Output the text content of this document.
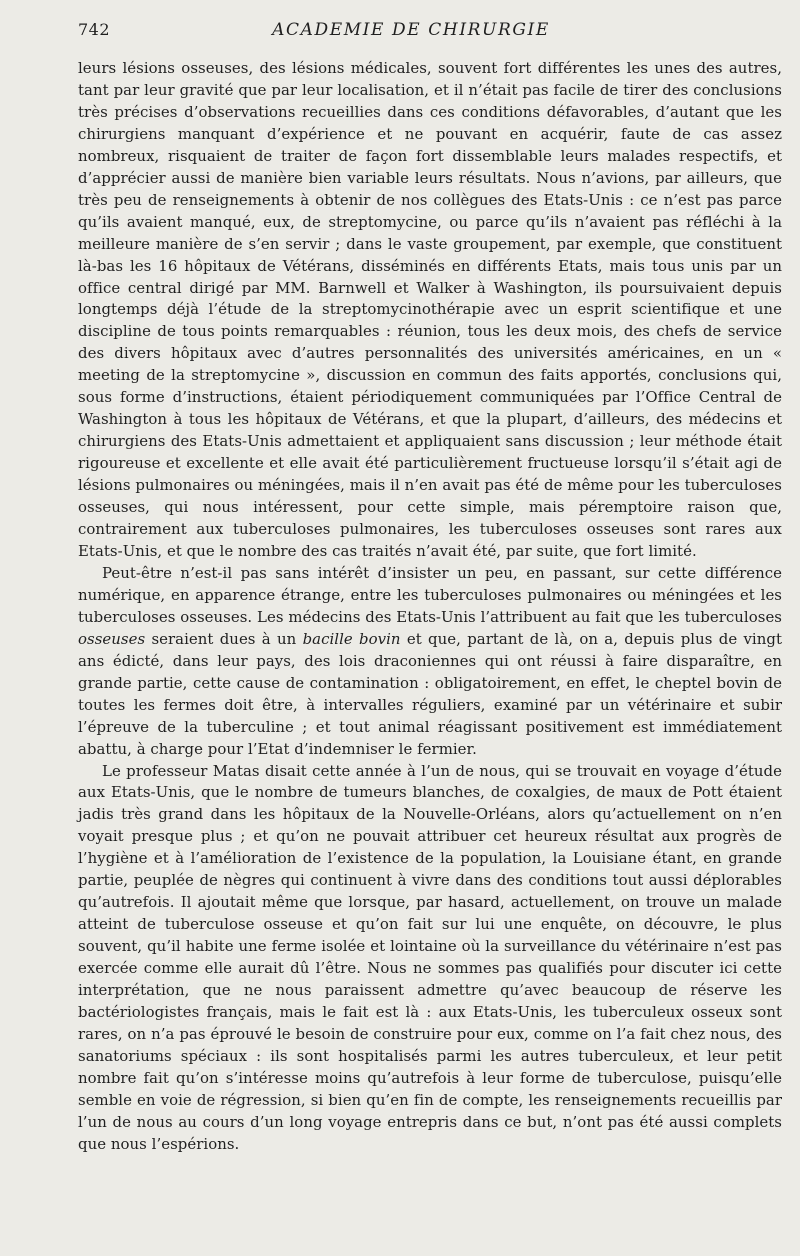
742	ACADEMIE DE CHIRURGIE

leurs lésions osseuses, des lésions médicales, souvent fort différentes les unes des autres, tant par leur gravité que par leur localisation, et il n’était pas facile de tirer des conclusions très précises d’observations recueillies dans ces conditions défavorables, d’autant que les chirurgiens manquant d’expérience et ne pouvant en acquérir, faute de cas assez nombreux, risquaient de traiter de façon fort dissemblable leurs malades respectifs, et d’apprécier aussi de manière bien variable leurs résultats. Nous n’avions, par ailleurs, que très peu de renseignements à obtenir de nos collègues des Etats-Unis : ce n’est pas parce qu’ils avaient manqué, eux, de streptomycine, ou parce qu’ils n’avaient pas réfléchi à la meilleure manière de s’en servir ; dans le vaste groupement, par exemple, que constituent là-bas les 16 hôpitaux de Vétérans, disséminés en différents Etats, mais tous unis par un office central dirigé par MM. Barnwell et Walker à Washington, ils poursuivaient depuis longtemps déjà l’étude de la streptomycinothérapie avec un esprit scientifique et une discipline de tous points remarquables : réunion, tous les deux mois, des chefs de service des divers hôpitaux avec d’autres personnalités des universités américaines, en un « meeting de la streptomycine », discussion en commun des faits apportés, conclusions qui, sous forme d’instructions, étaient périodiquement communiquées par l’Office Central de Washington à tous les hôpitaux de Vétérans, et que la plupart, d’ailleurs, des médecins et chirurgiens des Etats-Unis admettaient et appliquaient sans discussion ; leur méthode était rigoureuse et excellente et elle avait été particulièrement fructueuse lorsqu’il s’était agi de lésions pulmonaires ou méningées, mais il n’en avait pas été de même pour les tuberculoses osseuses, qui nous intéressent, pour cette simple, mais péremptoire raison que, contrairement aux tuberculoses pulmonaires, les tuberculoses osseuses sont rares aux Etats-Unis, et que le nombre des cas traités n’avait été, par suite, que fort limité.

Peut-être n’est-il pas sans intérêt d’insister un peu, en passant, sur cette différence numérique, en apparence étrange, entre les tuberculoses pulmonaires ou méningées et les tuberculoses osseuses. Les médecins des Etats-Unis l’attribuent au fait que les tuberculoses osseuses seraient dues à un bacille bovin et que, partant de là, on a, depuis plus de vingt ans édicté, dans leur pays, des lois draconiennes qui ont réussi à faire disparaître, en grande partie, cette cause de contamination : obligatoirement, en effet, le cheptel bovin de toutes les fermes doit être, à intervalles réguliers, examiné par un vétérinaire et subir l’épreuve de la tuberculine ; et tout animal réagissant positivement est immédiatement abattu, à charge pour l’Etat d’indemniser le fermier.

Le professeur Matas disait cette année à l’un de nous, qui se trouvait en voyage d’étude aux Etats-Unis, que le nombre de tumeurs blanches, de coxalgies, de maux de Pott étaient jadis très grand dans les hôpitaux de la Nouvelle-Orléans, alors qu’actuellement on n’en voyait presque plus ; et qu’on ne pouvait attribuer cet heureux résultat aux progrès de l’hygiène et à l’amélioration de l’existence de la population, la Louisiane étant, en grande partie, peuplée de nègres qui continuent à vivre dans des conditions tout aussi déplorables qu’autrefois. Il ajoutait même que lorsque, par hasard, actuellement, on trouve un malade atteint de tuberculose osseuse et qu’on fait sur lui une enquête, on découvre, le plus souvent, qu’il habite une ferme isolée et lointaine où la surveillance du vétérinaire n’est pas exercée comme elle aurait dû l’être. Nous ne sommes pas qualifiés pour discuter ici cette interprétation, que ne nous paraissent admettre qu’avec beaucoup de réserve les bactériologistes français, mais le fait est là : aux Etats-Unis, les tuberculeux osseux sont rares, on n’a pas éprouvé le besoin de construire pour eux, comme on l’a fait chez nous, des sanatoriums spéciaux : ils sont hospitalisés parmi les autres tuberculeux, et leur petit nombre fait qu’on s’intéresse moins qu’autrefois à leur forme de tuberculose, puisqu’elle semble en voie de régression, si bien qu’en fin de compte, les renseignements recueillis par l’un de nous au cours d’un long voyage entrepris dans ce but, n’ont pas été aussi complets que nous l’espérions.
